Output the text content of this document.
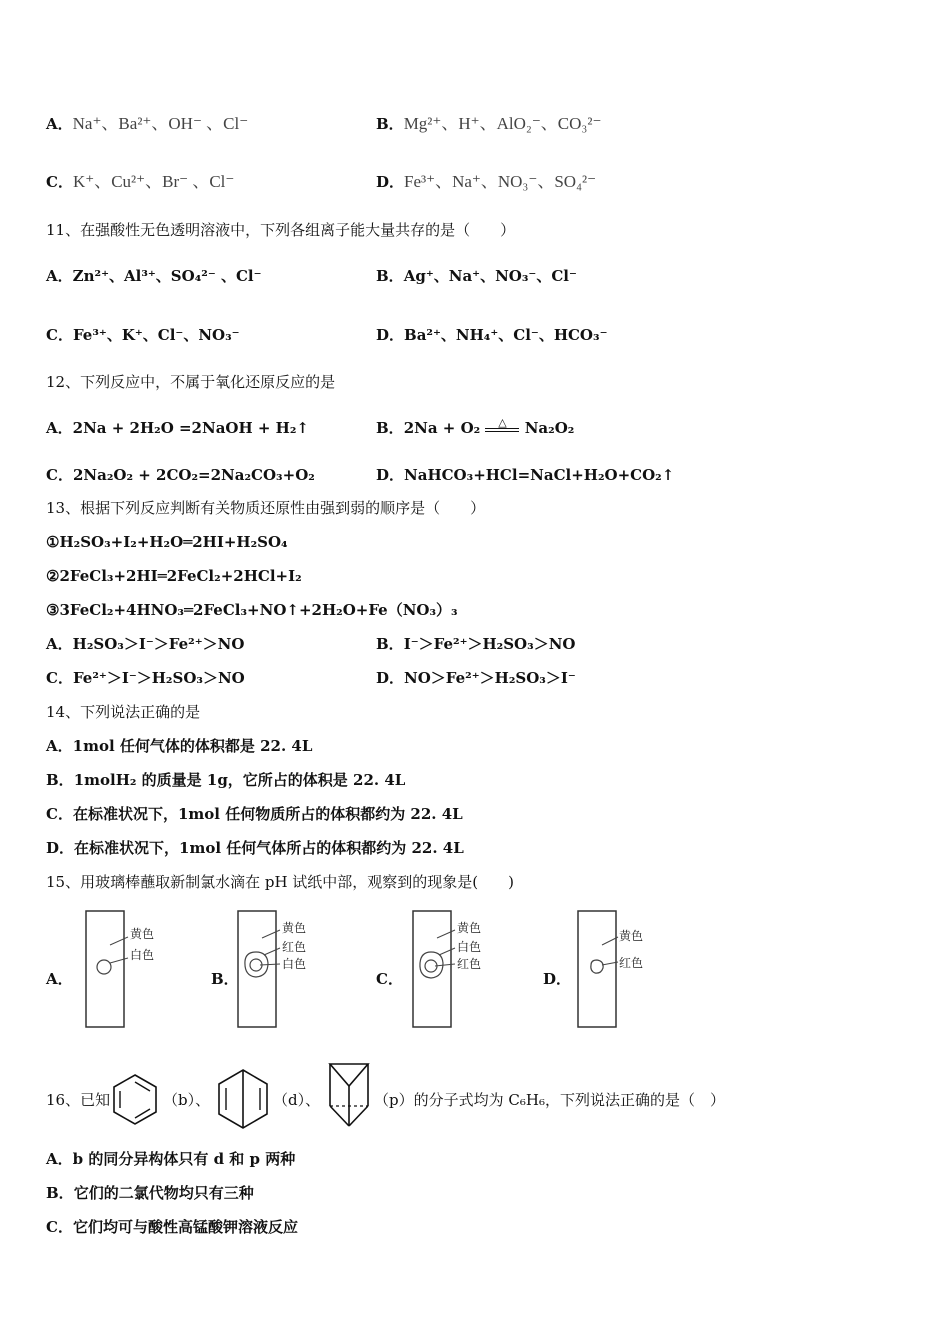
A．Na⁺、Ba²⁺、OH⁻ 、Cl⁻	B．Mg²⁺、H⁺、AlO₂⁻、CO₃²⁻
C．K⁺、Cu²⁺、Br⁻ 、Cl⁻	D．Fe³⁺、Na⁺、NO₃⁻、SO₄²⁻
11、在强酸性无色透明溶液中，下列各组离子能大量共存的是（　　）
A．Zn²⁺、Al³⁺、SO₄²⁻ 、Cl⁻	B．Ag⁺、Na⁺、NO₃⁻、Cl⁻
C．Fe³⁺、K⁺、Cl⁻、NO₃⁻	D．Ba²⁺、NH₄⁺、Cl⁻、HCO₃⁻
12、下列反应中，不属于氧化还原反应的是
A．2Na + 2H₂O =2NaOH + H₂↑	B．2Na + O₂	△	Na₂O₂
C．2Na₂O₂ + 2CO₂=2Na₂CO₃+O₂	D．NaHCO₃+HCl=NaCl+H₂O+CO₂↑
13、根据下列反应判断有关物质还原性由强到弱的顺序是（　　）
①H₂SO₃+I₂+H₂O═2HI+H₂SO₄
②2FeCl₃+2HI═2FeCl₂+2HCl+I₂
③3FeCl₂+4HNO₃═2FeCl₃+NO↑+2H₂O+Fe（NO₃）₃
A．H₂SO₃＞I⁻＞Fe²⁺＞NO	B．I⁻＞Fe²⁺＞H₂SO₃＞NO
C．Fe²⁺＞I⁻＞H₂SO₃＞NO	D．NO＞Fe²⁺＞H₂SO₃＞I⁻
14、下列说法正确的是
A．1mol 任何气体的体积都是 22. 4L
B．1molH₂ 的质量是 1g，它所占的体积是 22. 4L
C．在标准状况下，1mol 任何物质所占的体积都约为 22. 4L
D．在标准状况下，1mol 任何气体所占的体积都约为 22. 4L
15、用玻璃棒蘸取新制氯水滴在 pH 试纸中部，观察到的现象是(　　)
A．
黄色
白色
B．
黄色
红色
白色
C．
黄色
白色
红色
D．
黄色
红色
16、已知	（b）、	（d）、	（p）的分子式均为 C₆H₆，下列说法正确的是（　）
A．b 的同分异构体只有 d 和 p 两种
B．它们的二氯代物均只有三种
C．它们均可与酸性高锰酸钾溶液反应
